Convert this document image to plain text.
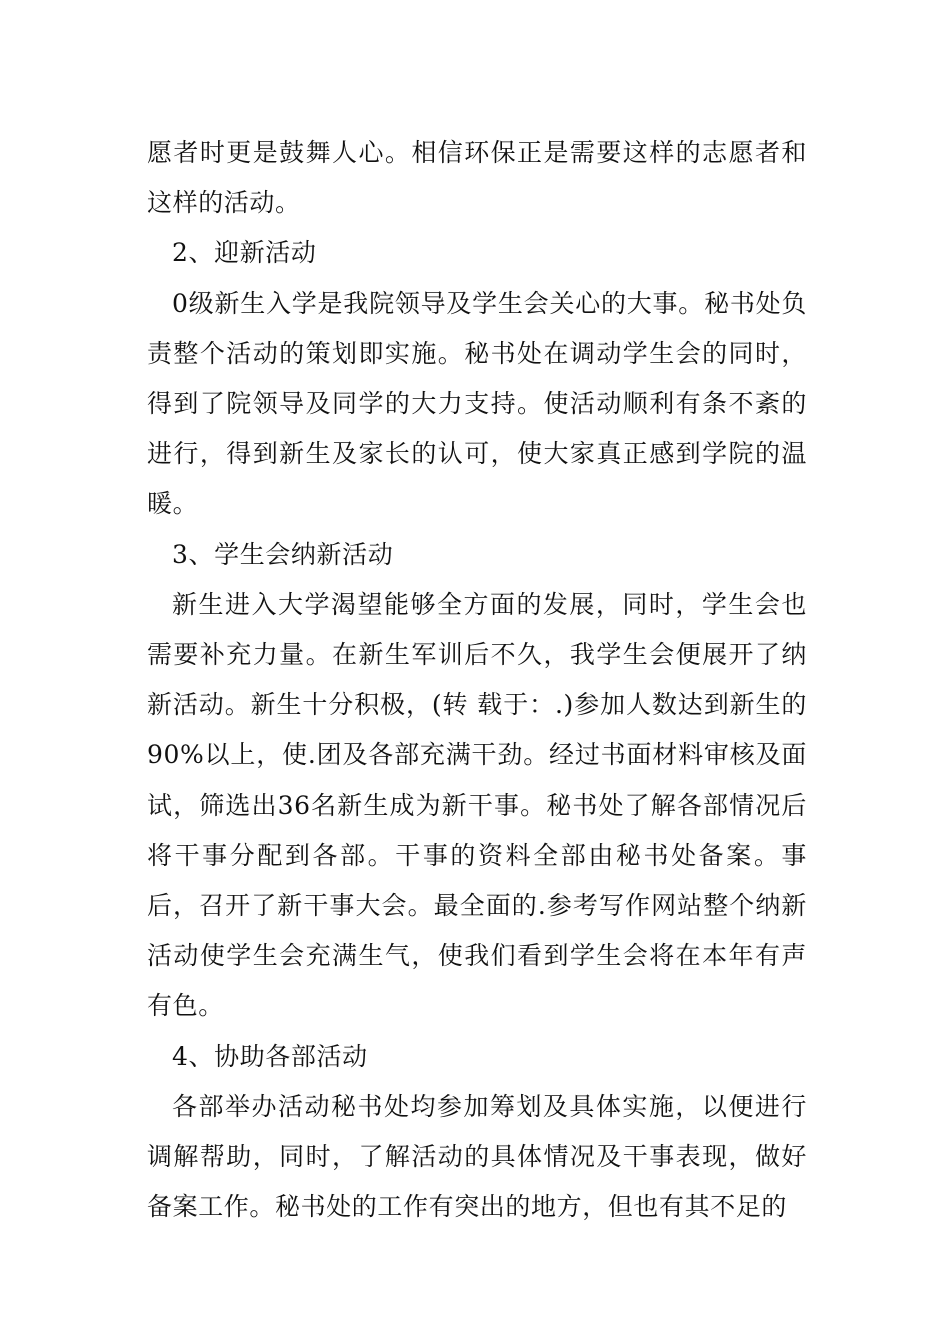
愿者时更是鼓舞人心。相信环保正是需要这样的志愿者和这样的活动。

2、迎新活动

0级新生入学是我院领导及学生会关心的大事。秘书处负责整个活动的策划即实施。秘书处在调动学生会的同时，得到了院领导及同学的大力支持。使活动顺利有条不紊的进行，得到新生及家长的认可，使大家真正感到学院的温暖。

3、学生会纳新活动

新生进入大学渴望能够全方面的发展，同时，学生会也需要补充力量。在新生军训后不久，我学生会便展开了纳新活动。新生十分积极，(转 载于：.)参加人数达到新生的90%以上，使.团及各部充满干劲。经过书面材料审核及面试，筛选出36名新生成为新干事。秘书处了解各部情况后将干事分配到各部。干事的资料全部由秘书处备案。事后，召开了新干事大会。最全面的.参考写作网站整个纳新活动使学生会充满生气，使我们看到学生会将在本年有声有色。

4、协助各部活动

各部举办活动秘书处均参加筹划及具体实施，以便进行调解帮助，同时，了解活动的具体情况及干事表现，做好备案工作。秘书处的工作有突出的地方，但也有其不足的
